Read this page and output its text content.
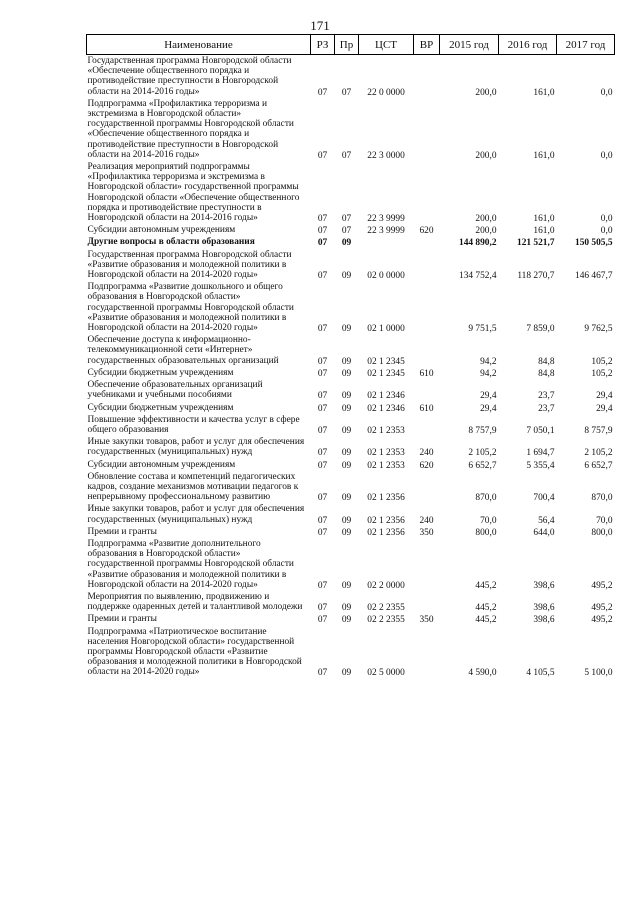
171
Наименование	РЗ	Пр	ЦСТ	ВР	2015 год	2016 год	2017 год
Государственная программа Новгородской области «Обеспечение общественного порядка и противодействие преступности в Новгородской области на 2014-2016 годы»	07	07	22 0 0000		200,0	161,0	0,0
Подпрограмма «Профилактика терроризма и экстремизма в Новгородской области» государственной программы Новгородской области «Обеспечение общественного порядка и противодействие преступности в Новгородской области на 2014-2016 годы»	07	07	22 3 0000		200,0	161,0	0,0
Реализация мероприятий подпрограммы «Профилактика терроризма и экстремизма в Новгородской области» государственной программы Новгородской области «Обеспечение общественного порядка и противодействие преступности в Новгородской области на 2014-2016 годы»	07	07	22 3 9999		200,0	161,0	0,0
Субсидии автономным учреждениям	07	07	22 3 9999	620	200,0	161,0	0,0
Другие вопросы в области образования	07	09			144 890,2	121 521,7	150 505,5
Государственная программа Новгородской области «Развитие образования и молодежной политики в Новгородской области на 2014-2020 годы»	07	09	02 0 0000		134 752,4	118 270,7	146 467,7
Подпрограмма «Развитие дошкольного и общего образования в Новгородской области» государственной программы Новгородской области «Развитие образования и молодежной политики в Новгородской области на 2014-2020 годы»	07	09	02 1 0000		9 751,5	7 859,0	9 762,5
Обеспечение доступа к информационно-телекоммуникационной сети «Интернет» государственных образовательных организаций	07	09	02 1 2345		94,2	84,8	105,2
Субсидии бюджетным учреждениям	07	09	02 1 2345	610	94,2	84,8	105,2
Обеспечение образовательных организаций учебниками и учебными пособиями	07	09	02 1 2346		29,4	23,7	29,4
Субсидии бюджетным учреждениям	07	09	02 1 2346	610	29,4	23,7	29,4
Повышение эффективности и качества услуг в сфере общего образования	07	09	02 1 2353		8 757,9	7 050,1	8 757,9
Иные закупки товаров, работ и услуг для обеспечения государственных (муниципальных) нужд	07	09	02 1 2353	240	2 105,2	1 694,7	2 105,2
Субсидии автономным учреждениям	07	09	02 1 2353	620	6 652,7	5 355,4	6 652,7
Обновление состава и компетенций педагогических кадров, создание механизмов мотивации педагогов к непрерывному профессиональному развитию	07	09	02 1 2356		870,0	700,4	870,0
Иные закупки товаров, работ и услуг для обеспечения государственных (муниципальных) нужд	07	09	02 1 2356	240	70,0	56,4	70,0
Премии и гранты	07	09	02 1 2356	350	800,0	644,0	800,0
Подпрограмма «Развитие дополнительного образования в Новгородской области» государственной программы Новгородской области «Развитие образования и молодежной политики в Новгородской области на 2014-2020 годы»	07	09	02 2 0000		445,2	398,6	495,2
Мероприятия по выявлению, продвижению и поддержке одаренных детей и талантливой молодежи	07	09	02 2 2355		445,2	398,6	495,2
Премии и гранты	07	09	02 2 2355	350	445,2	398,6	495,2
Подпрограмма «Патриотическое воспитание населения Новгородской области» государственной программы Новгородской области «Развитие образования и молодежной политики в Новгородской области на 2014-2020 годы»	07	09	02 5 0000		4 590,0	4 105,5	5 100,0
